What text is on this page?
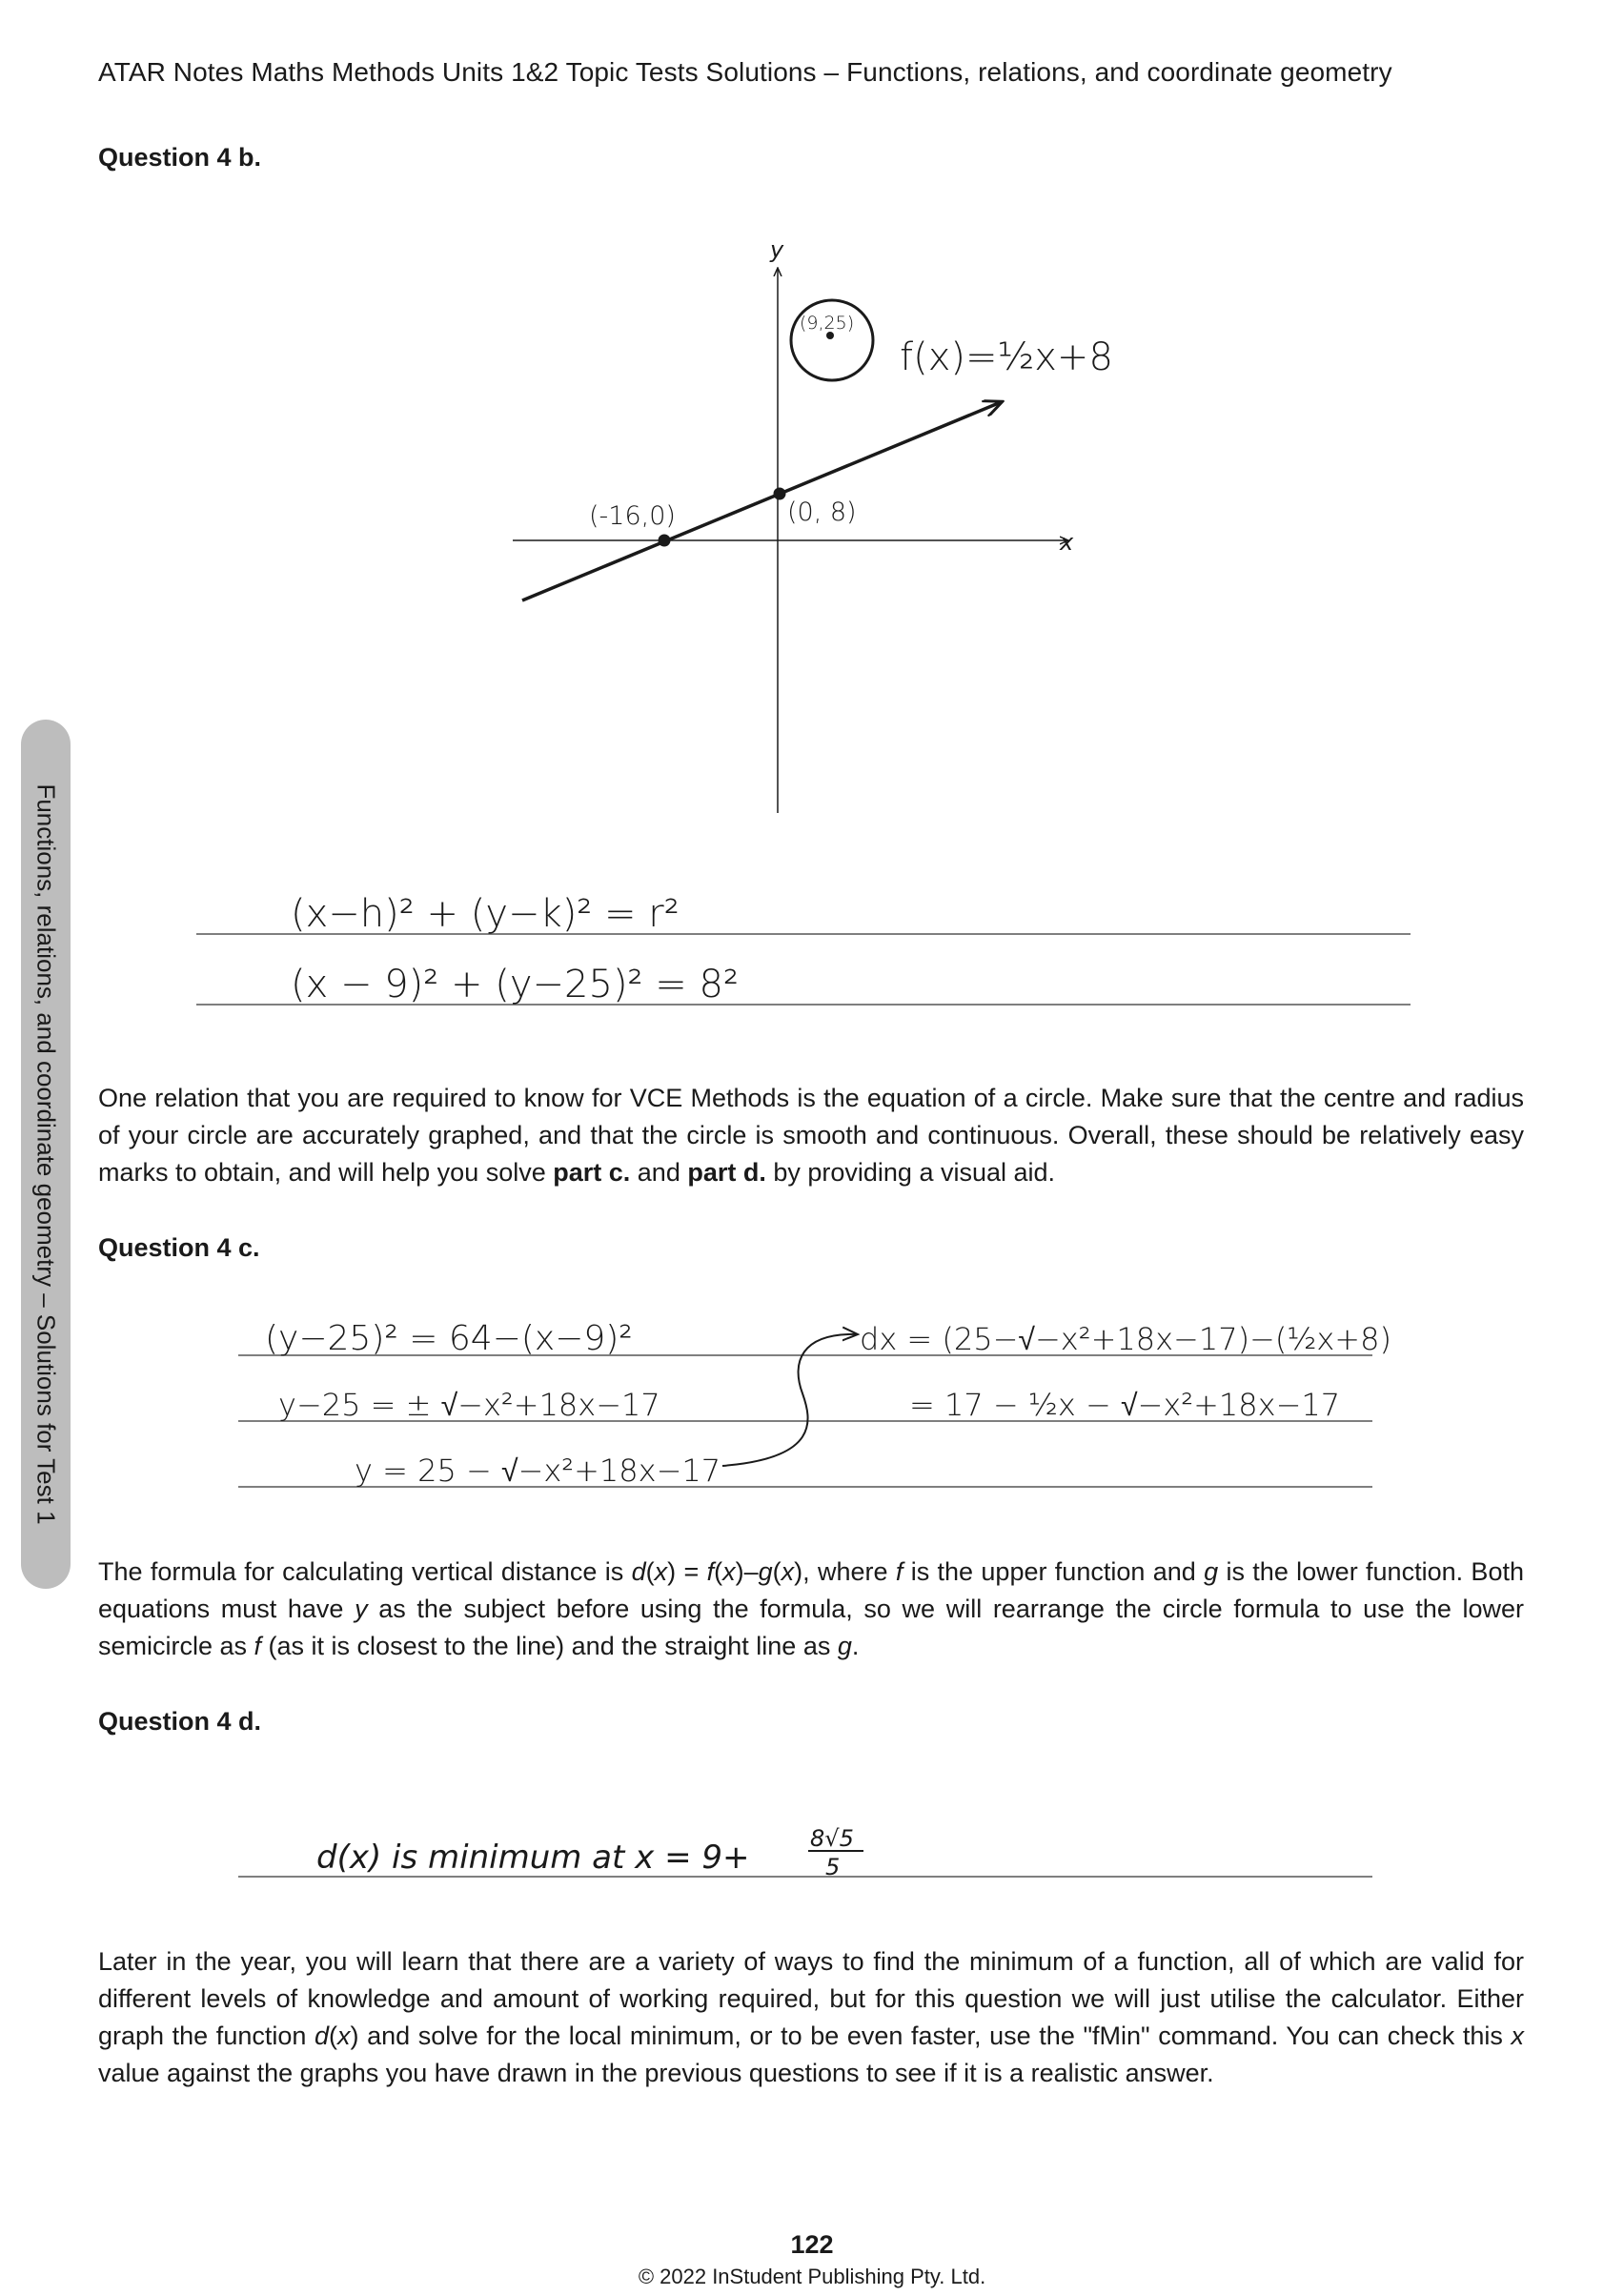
ATAR Notes Maths Methods Units 1&2 Topic Tests Solutions – Functions, relations, and coordinate geometry
Question 4 b.
Functions, relations, and coordinate geometry – Solutions for Test 1
y
x
(9,25)
f(x)=½x+8
(-16,0)	(0, 8)
(x−h)² + (y−k)² = r²
(x − 9)² + (y−25)² = 8²
(y−25)² = 64−(x−9)²
y−25 = ± √−x²+18x−17
y = 25 − √−x²+18x−17
dx = (25−√−x²+18x−17)−(½x+8)
= 17 − ½x − √−x²+18x−17
d(x) is minimum at x = 9+	8√5
5
One relation that you are required to know for VCE Methods is the equation of a circle. Make sure that the centre and radius of your circle are accurately graphed, and that the circle is smooth and continuous. Overall, these should be relatively easy marks to obtain, and will help you solve part c. and part d. by providing a visual aid.
Question 4 c.
The formula for calculating vertical distance is d(x) = f(x)–g(x), where f is the upper function and g is the lower function. Both equations must have y as the subject before using the formula, so we will rearrange the circle formula to use the lower semicircle as f (as it is closest to the line) and the straight line as g.
Question 4 d.
Later in the year, you will learn that there are a variety of ways to find the minimum of a function, all of which are valid for different levels of knowledge and amount of working required, but for this question we will just utilise the calculator. Either graph the function d(x) and solve for the local minimum, or to be even faster, use the "fMin" command. You can check this x value against the graphs you have drawn in the previous questions to see if it is a realistic answer.
122
© 2022 InStudent Publishing Pty. Ltd.
